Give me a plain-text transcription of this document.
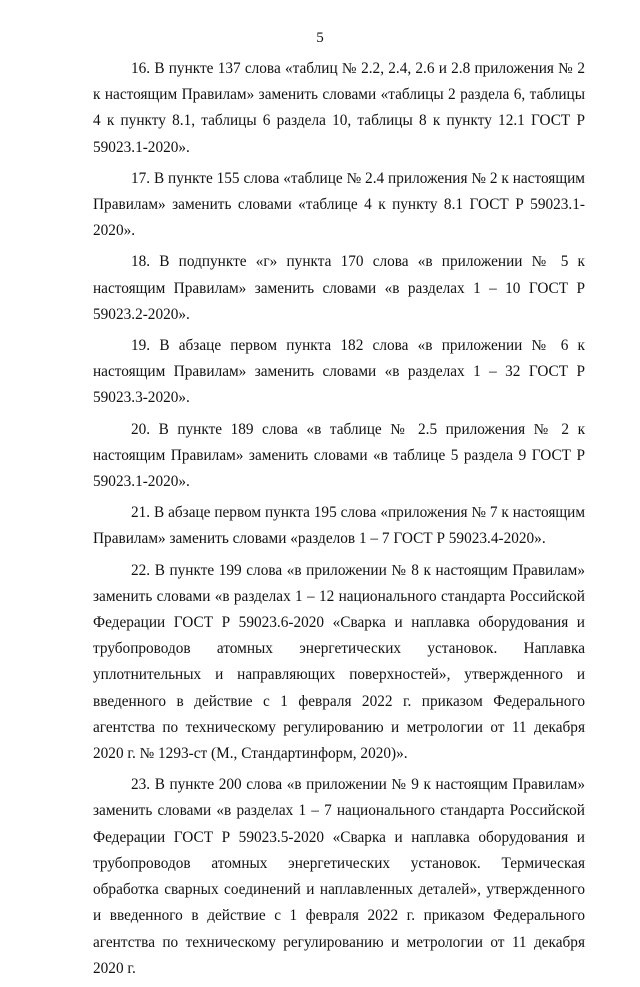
5

16. В пункте 137 слова «таблиц № 2.2, 2.4, 2.6 и 2.8 приложения № 2 к настоящим Правилам» заменить словами «таблицы 2 раздела 6, таблицы 4 к пункту 8.1, таблицы 6 раздела 10, таблицы 8 к пункту 12.1 ГОСТ Р 59023.1-2020».

17. В пункте 155 слова «таблице № 2.4 приложения № 2 к настоящим Правилам» заменить словами «таблице 4 к пункту 8.1 ГОСТ Р 59023.1-2020».

18. В подпункте «г» пункта 170 слова «в приложении № 5 к настоящим Правилам» заменить словами «в разделах 1 – 10 ГОСТ Р 59023.2-2020».

19. В абзаце первом пункта 182 слова «в приложении № 6 к настоящим Правилам» заменить словами «в разделах 1 – 32 ГОСТ Р 59023.3-2020».

20. В пункте 189 слова «в таблице № 2.5 приложения № 2 к настоящим Правилам» заменить словами «в таблице 5 раздела 9 ГОСТ Р 59023.1-2020».

21. В абзаце первом пункта 195 слова «приложения № 7 к настоящим Правилам» заменить словами «разделов 1 – 7 ГОСТ Р 59023.4-2020».

22. В пункте 199 слова «в приложении № 8 к настоящим Правилам» заменить словами «в разделах 1 – 12 национального стандарта Российской Федерации ГОСТ Р 59023.6-2020 «Сварка и наплавка оборудования и трубопроводов атомных энергетических установок. Наплавка уплотнительных и направляющих поверхностей», утвержденного и введенного в действие с 1 февраля 2022 г. приказом Федерального агентства по техническому регулированию и метрологии от 11 декабря 2020 г. № 1293-ст (М., Стандартинформ, 2020)».

23. В пункте 200 слова «в приложении № 9 к настоящим Правилам» заменить словами «в разделах 1 – 7 национального стандарта Российской Федерации ГОСТ Р 59023.5-2020 «Сварка и наплавка оборудования и трубопроводов атомных энергетических установок. Термическая обработка сварных соединений и наплавленных деталей», утвержденного и введенного в действие с 1 февраля 2022 г. приказом Федерального агентства по техническому регулированию и метрологии от 11 декабря 2020 г.
